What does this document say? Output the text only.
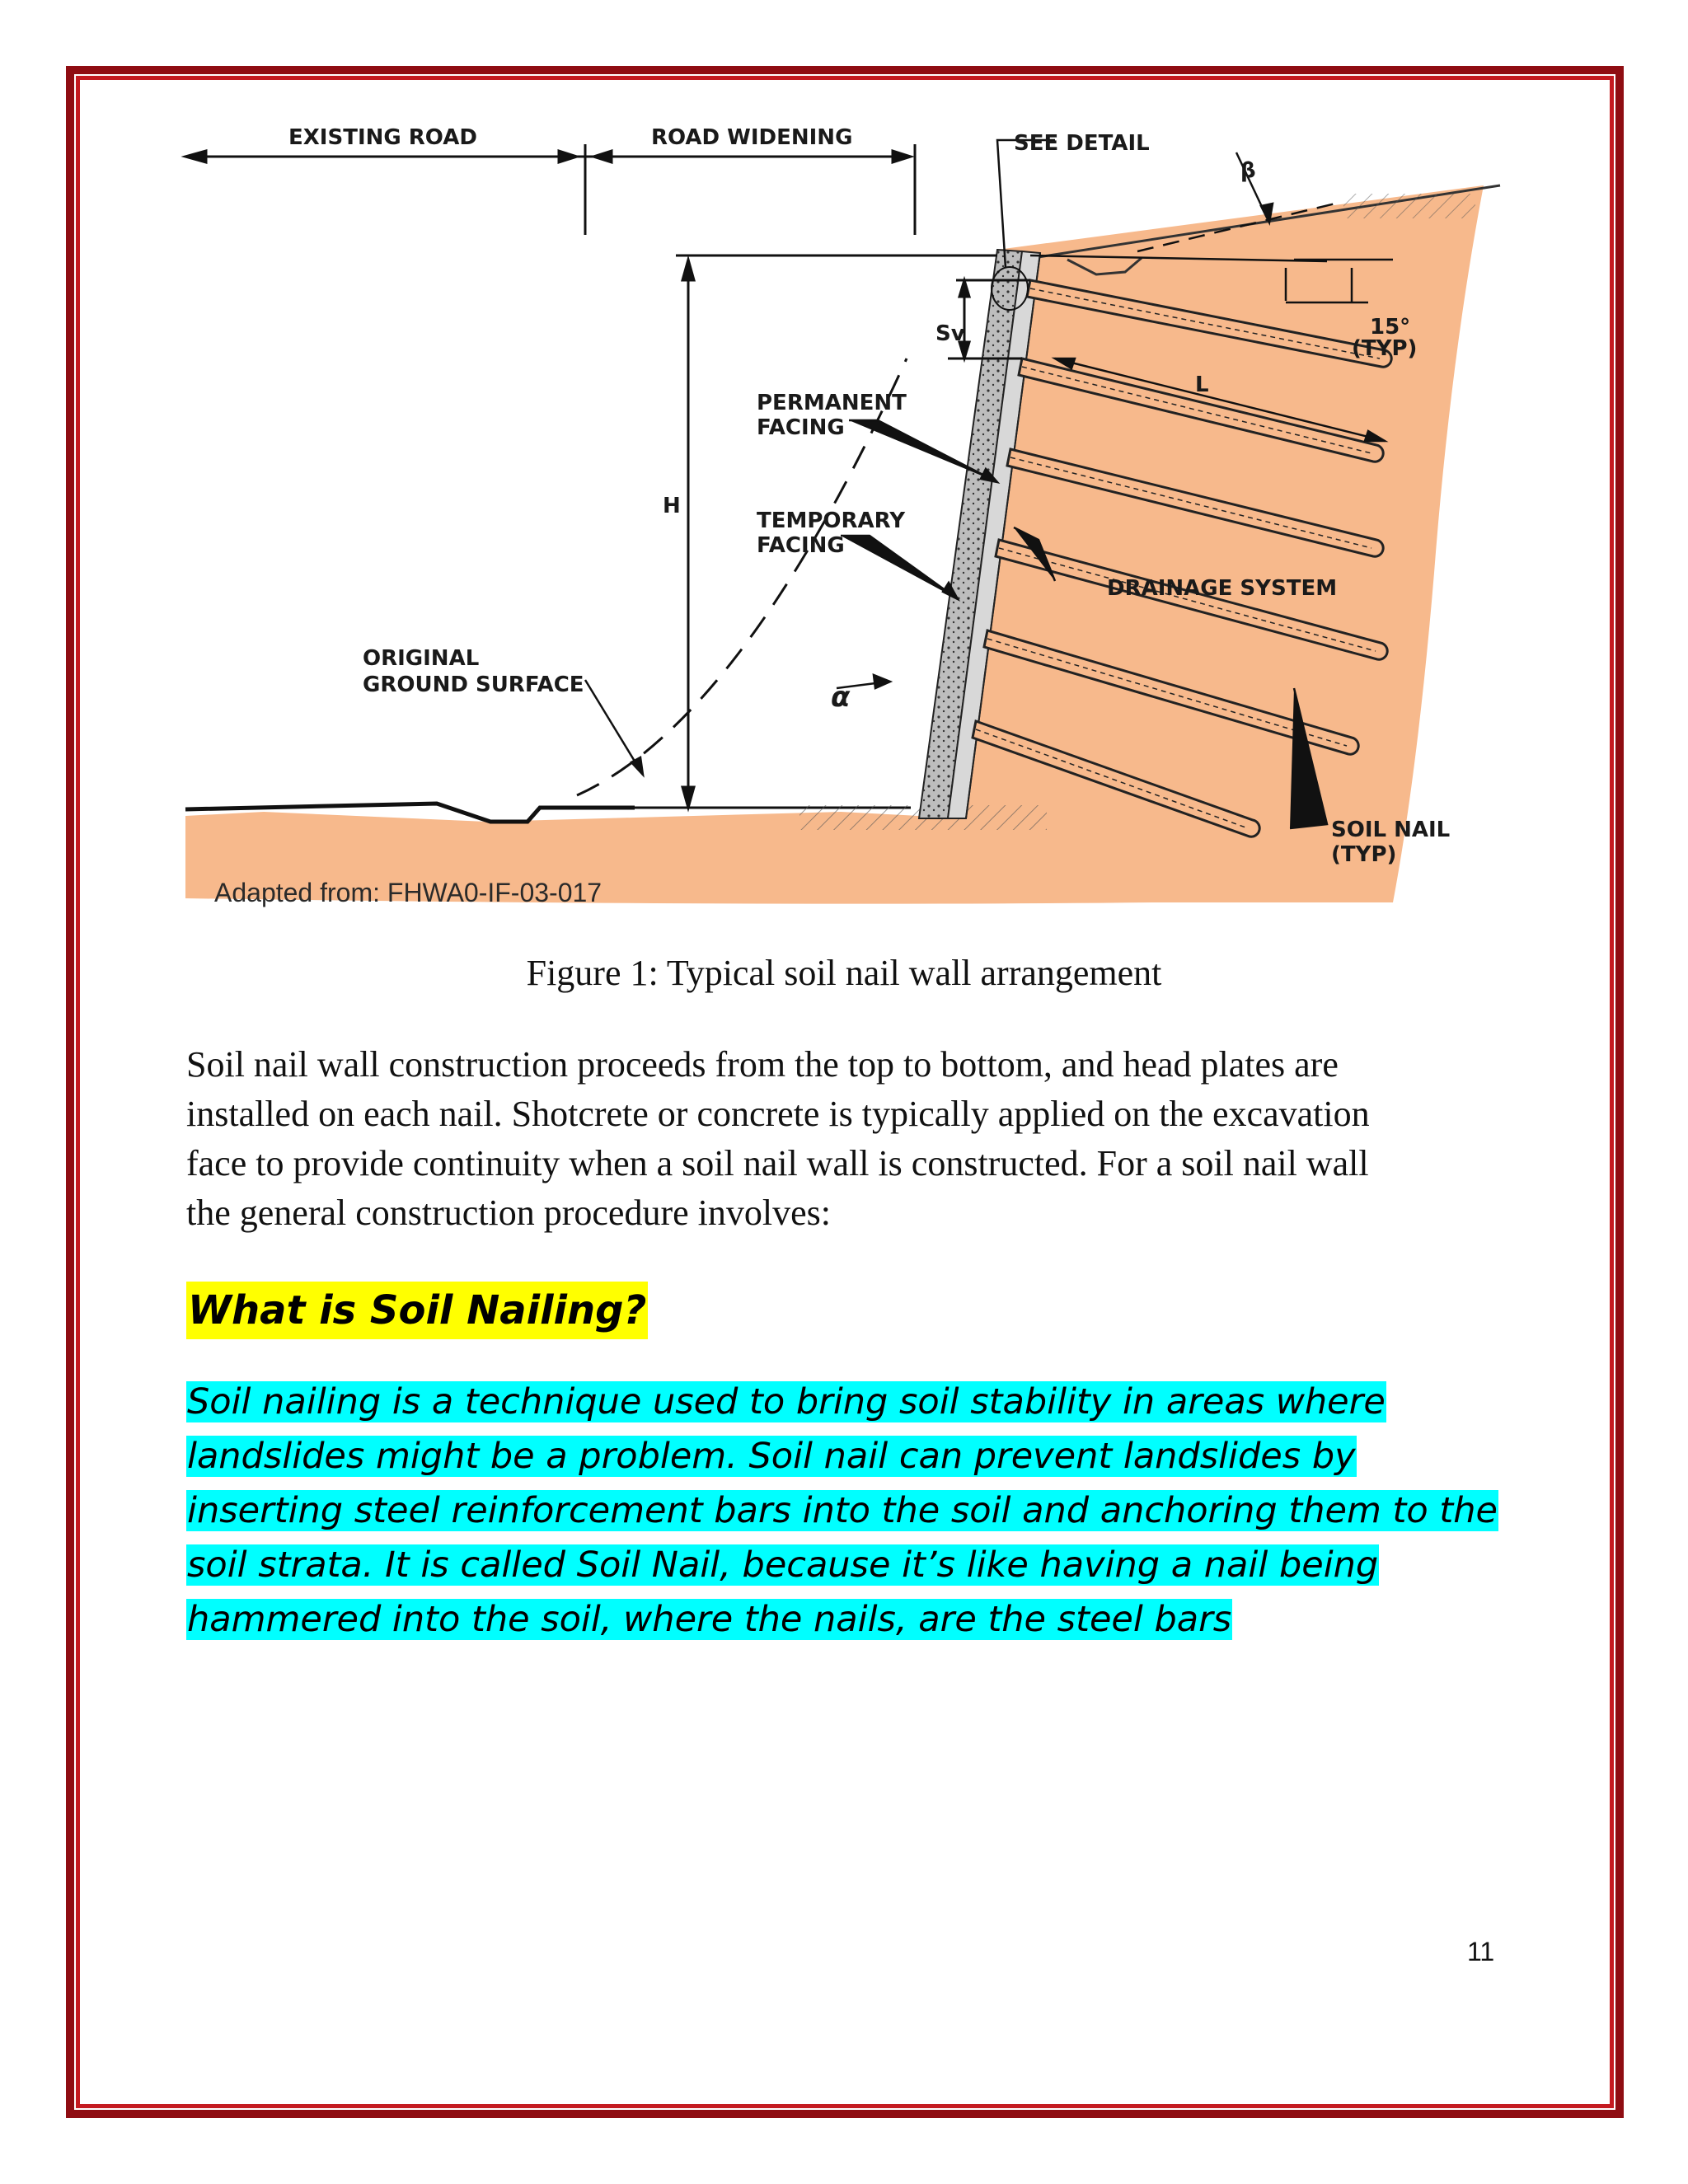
EXISTING ROAD	ROAD WIDENING	SEE DETAIL
β
15°
(TYP)
Sv
L
PERMANENT
FACING
H
TEMPORARY
FACING
DRAINAGE SYSTEM
ORIGINAL
GROUND SURFACE	α
SOIL NAIL
(TYP)
Adapted from: FHWA0-IF-03-017
Figure 1: Typical soil nail wall arrangement
Soil nail wall construction proceeds from the top to bottom, and head plates are
installed on each nail. Shotcrete or concrete is typically applied on the excavation
face to provide continuity when a soil nail wall is constructed. For a soil nail wall
the general construction procedure involves:
What is Soil Nailing?
Soil nailing is a technique used to bring soil stability in areas where
landslides might be a problem. Soil nail can prevent landslides by
inserting steel reinforcement bars into the soil and anchoring them to the
soil strata. It is called Soil Nail, because it’s like having a nail being
hammered into the soil, where the nails, are the steel bars
11
